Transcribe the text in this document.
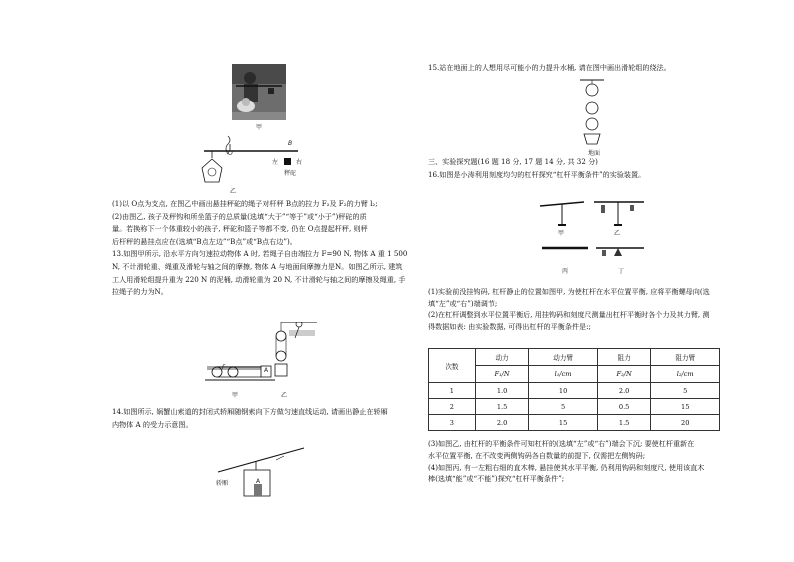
甲
O
B
左	右
秤砣
乙

(1)以 O点为支点, 在图乙中画出悬挂秤砣的绳子对杆秤 B点的拉力 F₂及 F₂的力臂 l₂;

(2)由图乙, 孩子及秤钩和所坐篮子的总质量(选填“大于”“等于”或“小于”)秤砣的质

量。若换称下一个体重较小的孩子, 秤砣和篮子等都不变, 仍在 O点提起杆秤, 则秤

后杆秤的悬挂点应在(选填“B点左边”“B点”或“B点右边”)。

13.如图甲所示, 沿水平方向匀速拉动物体 A 时, 若绳子自由端拉力 F=90 N, 物体 A 重 1 500

N, 不计滑轮重、绳重及滑轮与轴之间的摩擦, 物体 A 与地面间摩擦力是N。如图乙所示, 建筑

工人用滑轮组提升重为 220 N 的泥桶, 动滑轮重为 20 N, 不计滑轮与轴之间的摩擦及绳重, 手

拉绳子的力为N。

F	A
甲	乙

14.如图所示, 娲蟹山索道的封闭式轿厢随钢索向下方做匀速直线运动, 请画出静止在轿厢

内物体 A 的受力示意图。

轿厢	A

15.站在地面上的人想用尽可能小的力提升水桶, 请在图中画出滑轮组的绕法。

地面

三、实验探究题(16 题 18 分, 17 题 14 分, 共 32 分)

16.如图是小涛利用刻度均匀的杠杆探究“杠杆平衡条件”的实验装置。

甲	乙
丙	丁

(1)实验前没挂钩码, 杠杆静止的位置如图甲, 为使杠杆在水平位置平衡, 应将平衡螺母向(选

填“左”或“右”)端调节;

(2)在杠杆调整到水平位置平衡后, 用挂钩码和刻度尺测量出杠杆平衡时各个力及其力臂, 测

得数据如表: 由实验数据, 可得出杠杆的平衡条件是:;

次数	动力	动力臂	阻力	阻力臂
	F₁/N	l₁/cm	F₂/N	l₂/cm
1	1.0	10	2.0	5
2	1.5	5	0.5	15
3	2.0	15	1.5	20

(3)如图乙, 由杠杆的平衡条件可知杠杆的(选填“左”或“右”)端会下沉; 要使杠杆重新在

水平位置平衡, 在不改变两侧钩码各自数量的前提下, 仅需把左侧钩码;

(4)如图丙, 有一左粗右细的直木棒, 悬挂使其水平平衡, 仍利用钩码和刻度尺, 使用该直木

棒(选填“能”或“不能”)探究“杠杆平衡条件”;
